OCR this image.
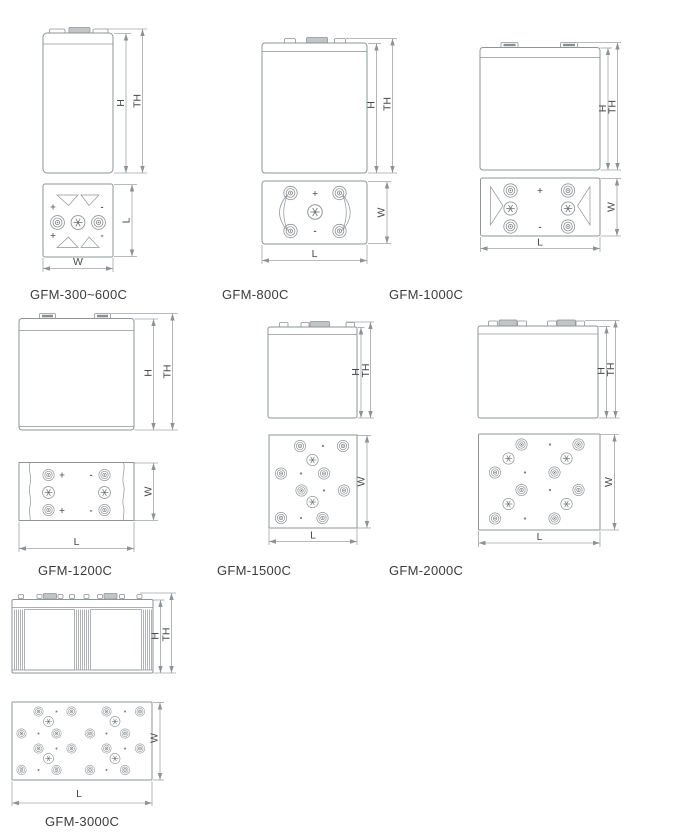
H TH
+
+
-
-
L
W
H TH
+
-
W
L
H
TH
+
-
W
L
H TH
+	-
+	-
W
L
H
TH
W
L
H
TH
W
L
H TH
W
L
GFM-300~600C	GFM-800C	GFM-1000C
GFM-1200C	GFM-1500C	GFM-2000C
GFM-3000C
